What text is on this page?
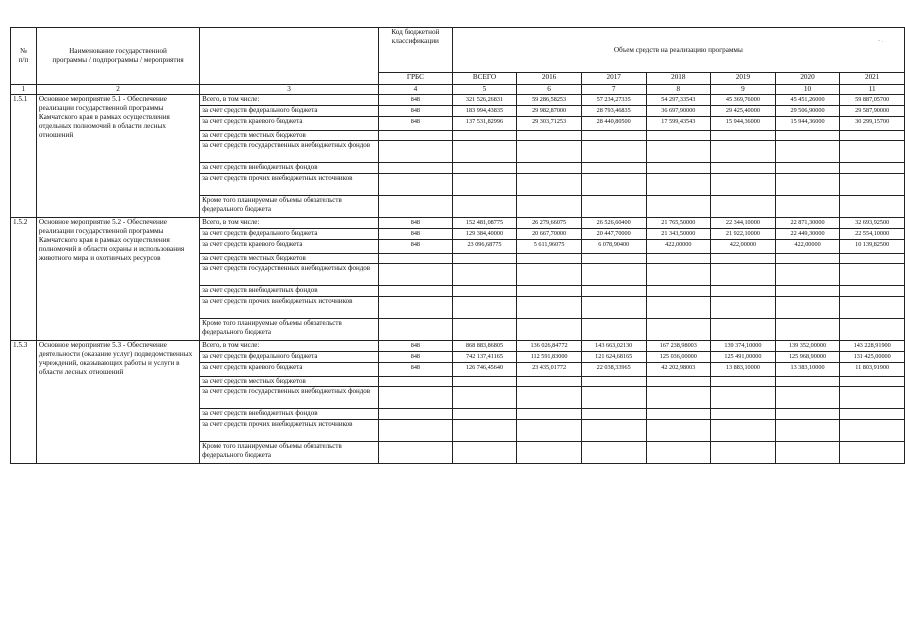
- .
№
п/п	Наименование государственной
программы / подпрограммы / мероприятия		Код бюджетной
классификации	Объем средств на реализацию программы						
			ГРБС	ВСЕГО	2016	2017	2018	2019	2020	2021
1	2	3	4	5	6	7	8	9	10	11
1.5.1	Основное мероприятие 5.1 - Обеспечение реализации государственной программы Камчатского края в рамках осуществления отдельных полномочий в области лесных отношений	Всего, в том числе:	848	321 526,26831	59 286,58253	57 234,27335	54 297,33543	45 369,76000	45 451,26000	59 887,05700
		за счет средств федерального бюджета	848	183 994,43835	29 982,87000	28 793,46835	36 697,90000	29 425,40000	29 506,90000	29 587,90000
		за счет средств краевого бюджета	848	137 531,82996	29 303,71253	28 440,80500	17 599,43543	15 944,36000	15 944,36000	30 299,15700
		за счет средств местных бюджетов								
		за счет средств государственных внебюджетных фондов								
		за счет средств внебюджетных фондов								
		за счет средств прочих внебюджетных источников								
		Кроме того планируемые объемы обязательств федерального бюджета								
1.5.2	Основное мероприятие 5.2 - Обеспечение реализации государственной программы Камчатского края в рамках осуществления полномочий в области охраны и использования животного мира и охотничьих ресурсов	Всего, в том числе:	848	152 481,08775	26 279,66075	26 526,60400	21 765,50000	22 344,10000	22 871,30000	32 693,92500
		за счет средств федерального бюджета	848	129 384,40000	20 667,70000	20 447,70000	21 343,50000	21 922,10000	22 449,30000	22 554,10000
		за счет средств краевого бюджета	848	23 096,68775	5 611,96075	6 078,90400	422,00000	422,00000	422,00000	10 139,82500
		за счет средств местных бюджетов								
		за счет средств государственных внебюджетных фондов								
		за счет средств внебюджетных фондов								
		за счет средств прочих внебюджетных источников								
		Кроме того планируемые объемы обязательств федерального бюджета								
1.5.3	Основное мероприятие 5.3 - Обеспечение деятельности (оказание услуг) подведомственных учреждений, оказывающих работы и услуги в области лесных отношений	Всего, в том числе:	848	868 883,86805	136 026,84772	143 663,02130	167 238,98003	139 374,10000	139 352,00000	143 228,91900
		за счет средств федерального бюджета	848	742 137,41165	112 591,83000	121 624,68165	125 036,00000	125 491,00000	125 968,90000	131 425,00000
		за счет средств краевого бюджета	848	126 746,45640	23 435,01772	22 038,33965	42 202,98003	13 883,10000	13 383,10000	11 803,91900
		за счет средств местных бюджетов								
		за счет средств государственных внебюджетных фондов								
		за счет средств внебюджетных фондов								
		за счет средств прочих внебюджетных источников								
		Кроме того планируемые объемы обязательств федерального бюджета								
